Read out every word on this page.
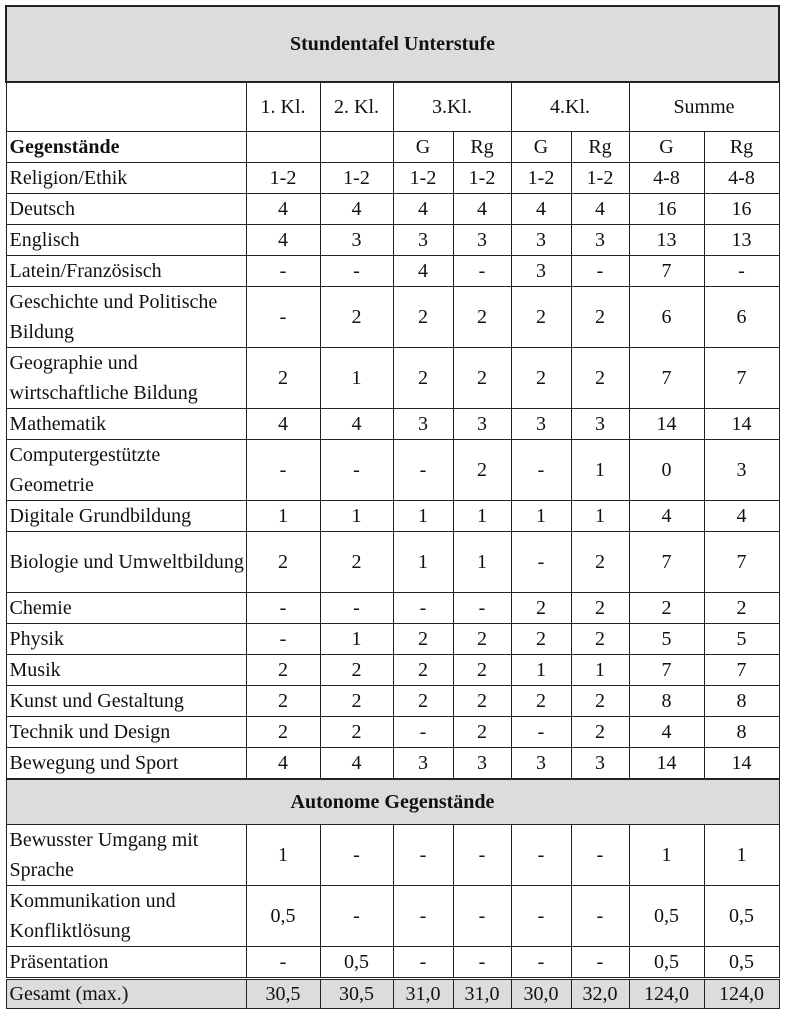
Stundentafel Unterstufe								
	1. Kl.	2. Kl.	3.Kl.		4.Kl.		Summe	
Gegenstände			G	Rg	G	Rg	G	Rg
Religion/Ethik	1-2	1-2	1-2	1-2	1-2	1-2	4-8	4-8
Deutsch	4	4	4	4	4	4	16	16
Englisch	4	3	3	3	3	3	13	13
Latein/Französisch	-	-	4	-	3	-	7	-
Geschichte und Politische Bildung	-	2	2	2	2	2	6	6
Geographie und wirtschaftliche Bildung	2	1	2	2	2	2	7	7
Mathematik	4	4	3	3	3	3	14	14
Computergestützte Geometrie	-	-	-	2	-	1	0	3
Digitale Grundbildung	1	1	1	1	1	1	4	4
Biologie und Umweltbildung	2	2	1	1	-	2	7	7
Chemie	-	-	-	-	2	2	2	2
Physik	-	1	2	2	2	2	5	5
Musik	2	2	2	2	1	1	7	7
Kunst und Gestaltung	2	2	2	2	2	2	8	8
Technik und Design	2	2	-	2	-	2	4	8
Bewegung und Sport	4	4	3	3	3	3	14	14
Autonome Gegenstände								
Bewusster Umgang mit Sprache	1	-	-	-	-	-	1	1
Kommunikation und Konfliktlösung	0,5	-	-	-	-	-	0,5	0,5
Präsentation	-	0,5	-	-	-	-	0,5	0,5
Gesamt (max.)	30,5	30,5	31,0	31,0	30,0	32,0	124,0	124,0
